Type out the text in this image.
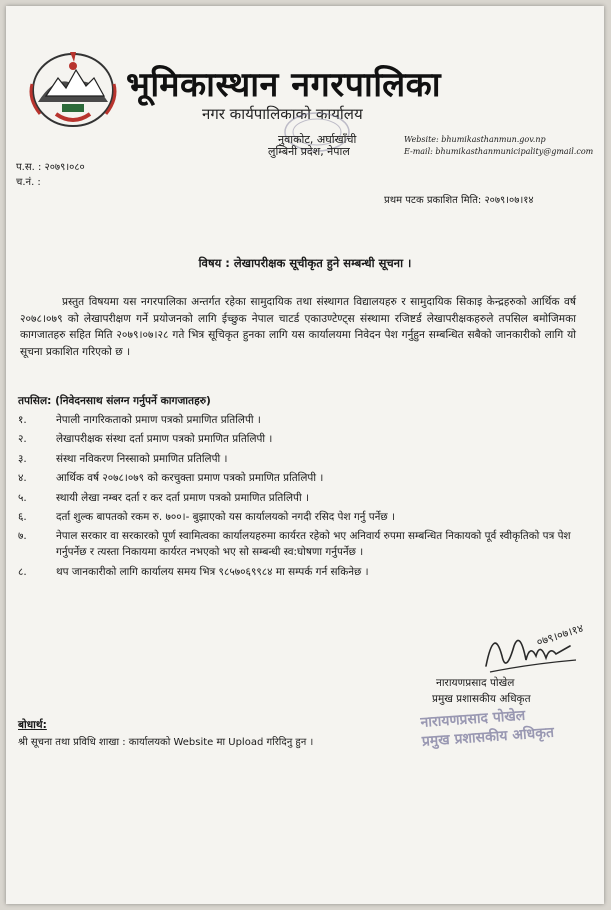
भूमिकास्थान नगरपालिका
नगर कार्यपालिकाको कार्यालय
नुवाकोट, अर्घाखाँची
लुम्बिनी प्रदेश, नेपाल
Website: bhumikasthanmun.gov.np
E-mail: bhumikasthanmunicipality@gmail.com
प.स. : २०७९।०८०
च.नं. :
प्रथम पटक प्रकाशित मिति: २०७९।०७।१४
विषय : लेखापरीक्षक सूचीकृत हुने सम्बन्धी सूचना ।
प्रस्तुत विषयमा यस नगरपालिका अन्तर्गत रहेका सामुदायिक तथा संस्थागत विद्यालयहरु र सामुदायिक सिकाइ केन्द्रहरुको आर्थिक वर्ष २०७८।०७९ को लेखापरीक्षण गर्ने प्रयोजनको लागि ईच्छुक नेपाल चाटर्ड एकाउण्टेण्ट्स संस्थामा रजिष्टर्ड लेखापरीक्षकहरुले तपसिल बमोजिमका कागजातहरु सहित मिति २०७९।०७।२८ गते भित्र सूचिकृत हुनका लागि यस कार्यालयमा निवेदन पेश गर्नुहुन सम्बन्धित सबैको जानकारीको लागि यो सूचना प्रकाशित गरिएको छ ।
तपसिल: (निवेदनसाथ संलग्न गर्नुपर्ने कागजातहरु)
१.	नेपाली नागरिकताको प्रमाण पत्रको प्रमाणित प्रतिलिपी ।
२.	लेखापरीक्षक संस्था दर्ता प्रमाण पत्रको प्रमाणित प्रतिलिपी ।
३.	संस्था नविकरण निस्साको प्रमाणित प्रतिलिपी ।
४.	आर्थिक वर्ष २०७८।०७९ को करचुक्ता प्रमाण पत्रको प्रमाणित प्रतिलिपी ।
५.	स्थायी लेखा नम्बर दर्ता र कर दर्ता प्रमाण पत्रको प्रमाणित प्रतिलिपी ।
६.	दर्ता शुल्क बापतको रकम रु. ७००।- बुझाएको यस कार्यालयको नगदी रसिद पेश गर्नु पर्नेछ ।
७.	नेपाल सरकार वा सरकारको पूर्ण स्वामित्वका कार्यालयहरुमा कार्यरत रहेको भए अनिवार्य रुपमा सम्बन्धित निकायको पूर्व स्वीकृतिको पत्र पेश गर्नुपर्नेछ र त्यस्ता निकायमा कार्यरत नभएको भए सो सम्बन्धी स्व:घोषणा गर्नुपर्नेछ ।
८.	थप जानकारीको लागि कार्यालय समय भित्र ९८५७०६९९८४ मा सम्पर्क गर्न सकिनेछ ।
०७९।०७।१४
नारायणप्रसाद पोखेल
प्रमुख प्रशासकीय अधिकृत
नारायणप्रसाद पोखेल
प्रमुख प्रशासकीय अधिकृत
बोधार्थ:
श्री सूचना तथा प्रविधि शाखा : कार्यालयको Website मा Upload गरिदिनु हुन ।
